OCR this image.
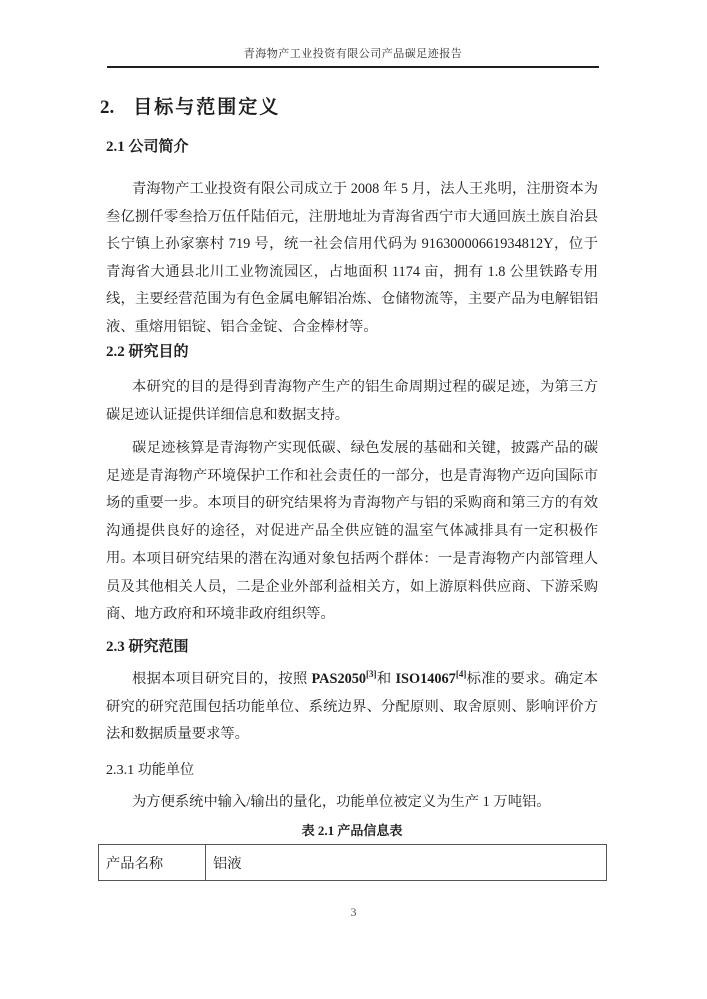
青海物产工业投资有限公司产品碳足迹报告
2. 目标与范围定义
2.1 公司简介
青海物产工业投资有限公司成立于 2008 年 5 月，法人王兆明，注册资本为叁亿捌仟零叁拾万伍仟陆佰元，注册地址为青海省西宁市大通回族土族自治县长宁镇上孙家寨村 719 号，统一社会信用代码为 91630000661934812Y，位于青海省大通县北川工业物流园区，占地面积 1174 亩，拥有 1.8 公里铁路专用线，主要经营范围为有色金属电解铝冶炼、仓储物流等，主要产品为电解铝铝液、重熔用铝锭、铝合金锭、合金棒材等。
2.2 研究目的
本研究的目的是得到青海物产生产的铝生命周期过程的碳足迹，为第三方碳足迹认证提供详细信息和数据支持。
碳足迹核算是青海物产实现低碳、绿色发展的基础和关键，披露产品的碳足迹是青海物产环境保护工作和社会责任的一部分，也是青海物产迈向国际市场的重要一步。本项目的研究结果将为青海物产与铝的采购商和第三方的有效沟通提供良好的途径，对促进产品全供应链的温室气体减排具有一定积极作用。
本项目研究结果的潜在沟通对象包括两个群体：一是青海物产内部管理人员及其他相关人员，二是企业外部利益相关方，如上游原料供应商、下游采购商、地方政府和环境非政府组织等。
2.3 研究范围
根据本项目研究目的，按照 PAS2050[3]和 ISO14067[4]标准的要求。确定本研究的研究范围包括功能单位、系统边界、分配原则、取舍原则、影响评价方法和数据质量要求等。
2.3.1 功能单位
为方便系统中输入/输出的量化，功能单位被定义为生产 1 万吨铝。
表 2.1 产品信息表
产品名称	铝液
3
